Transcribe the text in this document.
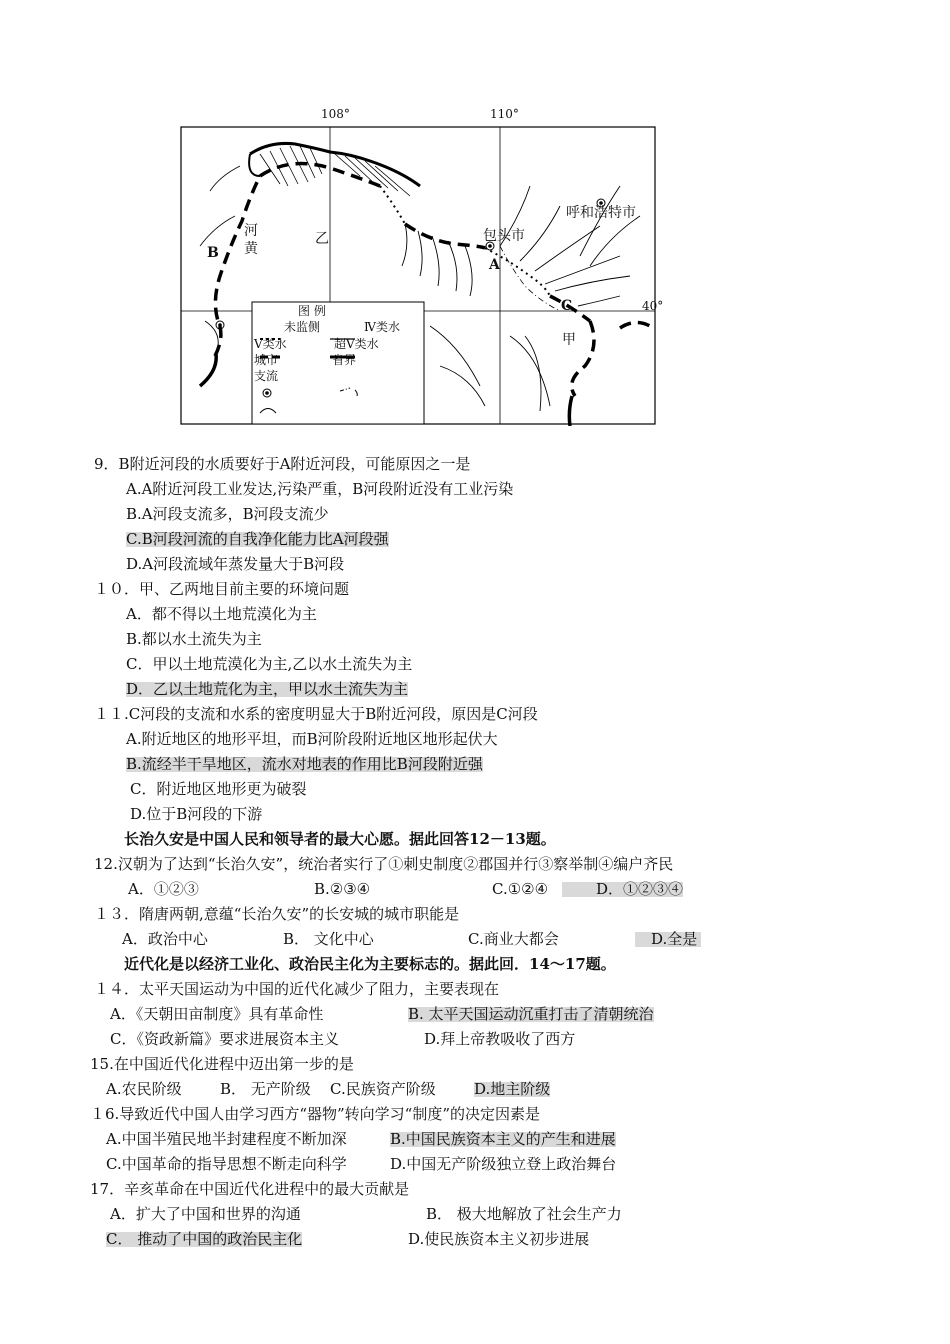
108°	110°
40°
河
黄
乙
甲
B
A
C
包头市
呼和浩特市
图 例
未监侧	Ⅳ类水
Ⅴ类水	超Ⅴ类水
城市	省界
支流
9．B附近河段的水质要好于A附近河段，可能原因之一是
A.A附近河段工业发达,污染严重，B河段附近没有工业污染
B.A河段支流多，B河段支流少
C.B河段河流的自我净化能力比A河段强
D.A河段流域年蒸发量大于B河段
１０．甲、乙两地目前主要的环境问题
A．都不得以土地荒漠化为主
B.都以水土流失为主
C．甲以土地荒漠化为主,乙以水土流失为主
D．乙以土地荒化为主，甲以水土流失为主
１１.C河段的支流和水系的密度明显大于B附近河段，原因是C河段
A.附近地区的地形平坦，而B河阶段附近地区地形起伏大
B.流经半干旱地区，流水对地表的作用比B河段附近强
C．附近地区地形更为破裂
D.位于B河段的下游
长治久安是中国人民和领导者的最大心愿。据此回答12－13题。
12.汉朝为了达到“长治久安”，统治者实行了①刺史制度②郡国并行③察举制④编户齐民
A．①②③	B.②③④	C.①②④	D．①②③④
１３．隋唐两朝,意蕴“长治久安”的长安城的城市职能是
A．政治中心	B． 文化中心	C.商业大都会	D.全是
近代化是以经济工业化、政治民主化为主要标志的。据此回．14～17题。
１４．太平天国运动为中国的近代化减少了阻力，主要表现在
A．《天朝田亩制度》具有革命性	B. 太平天国运动沉重打击了清朝统治
C．《资政新篇》要求进展资本主义	D.拜上帝教吸收了西方
15.在中国近代化进程中迈出第一步的是
A.农民阶级	B． 无产阶级 C.民族资产阶级	D.地主阶级
１6.导致近代中国人由学习西方“器物”转向学习“制度”的决定因素是
A.中国半殖民地半封建程度不断加深	B.中国民族资本主义的产生和进展
C.中国革命的指导思想不断走向科学	D.中国无产阶级独立登上政治舞台
17．辛亥革命在中国近代化进程中的最大贡献是
A．扩大了中国和世界的沟通	B． 极大地解放了社会生产力
C． 推动了中国的政治民主化	D.使民族资本主义初步进展
